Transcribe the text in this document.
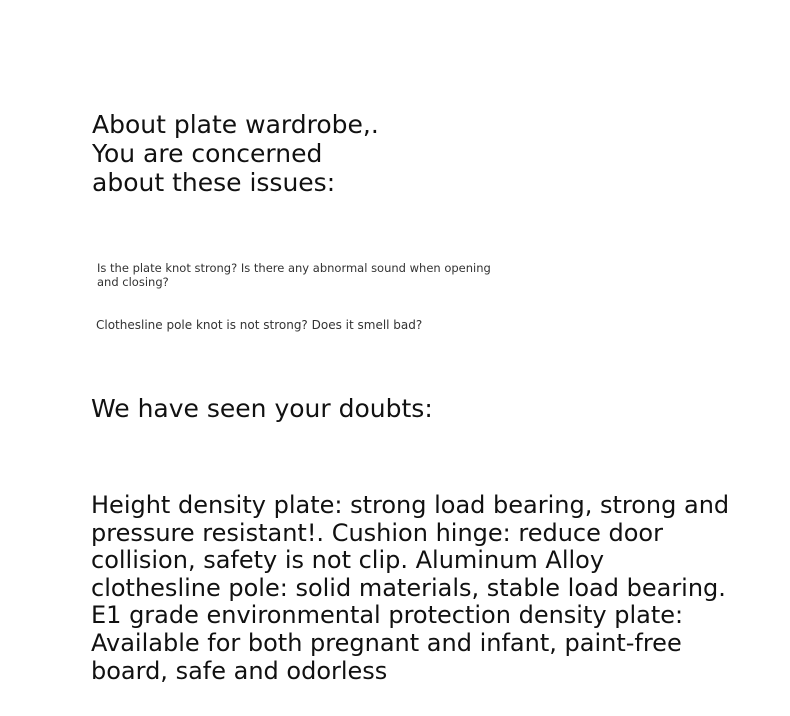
About plate wardrobe,.
You are concerned
about these issues:
Is the plate knot strong? Is there any abnormal sound when opening and closing?
Clothesline pole knot is not strong? Does it smell bad?
We have seen your doubts:
Height density plate: strong load bearing, strong and pressure resistant!. Cushion hinge: reduce door collision, safety is not clip. Aluminum Alloy clothesline pole: solid materials, stable load bearing. E1 grade environmental protection density plate: Available for both pregnant and infant, paint-free board, safe and odorless
